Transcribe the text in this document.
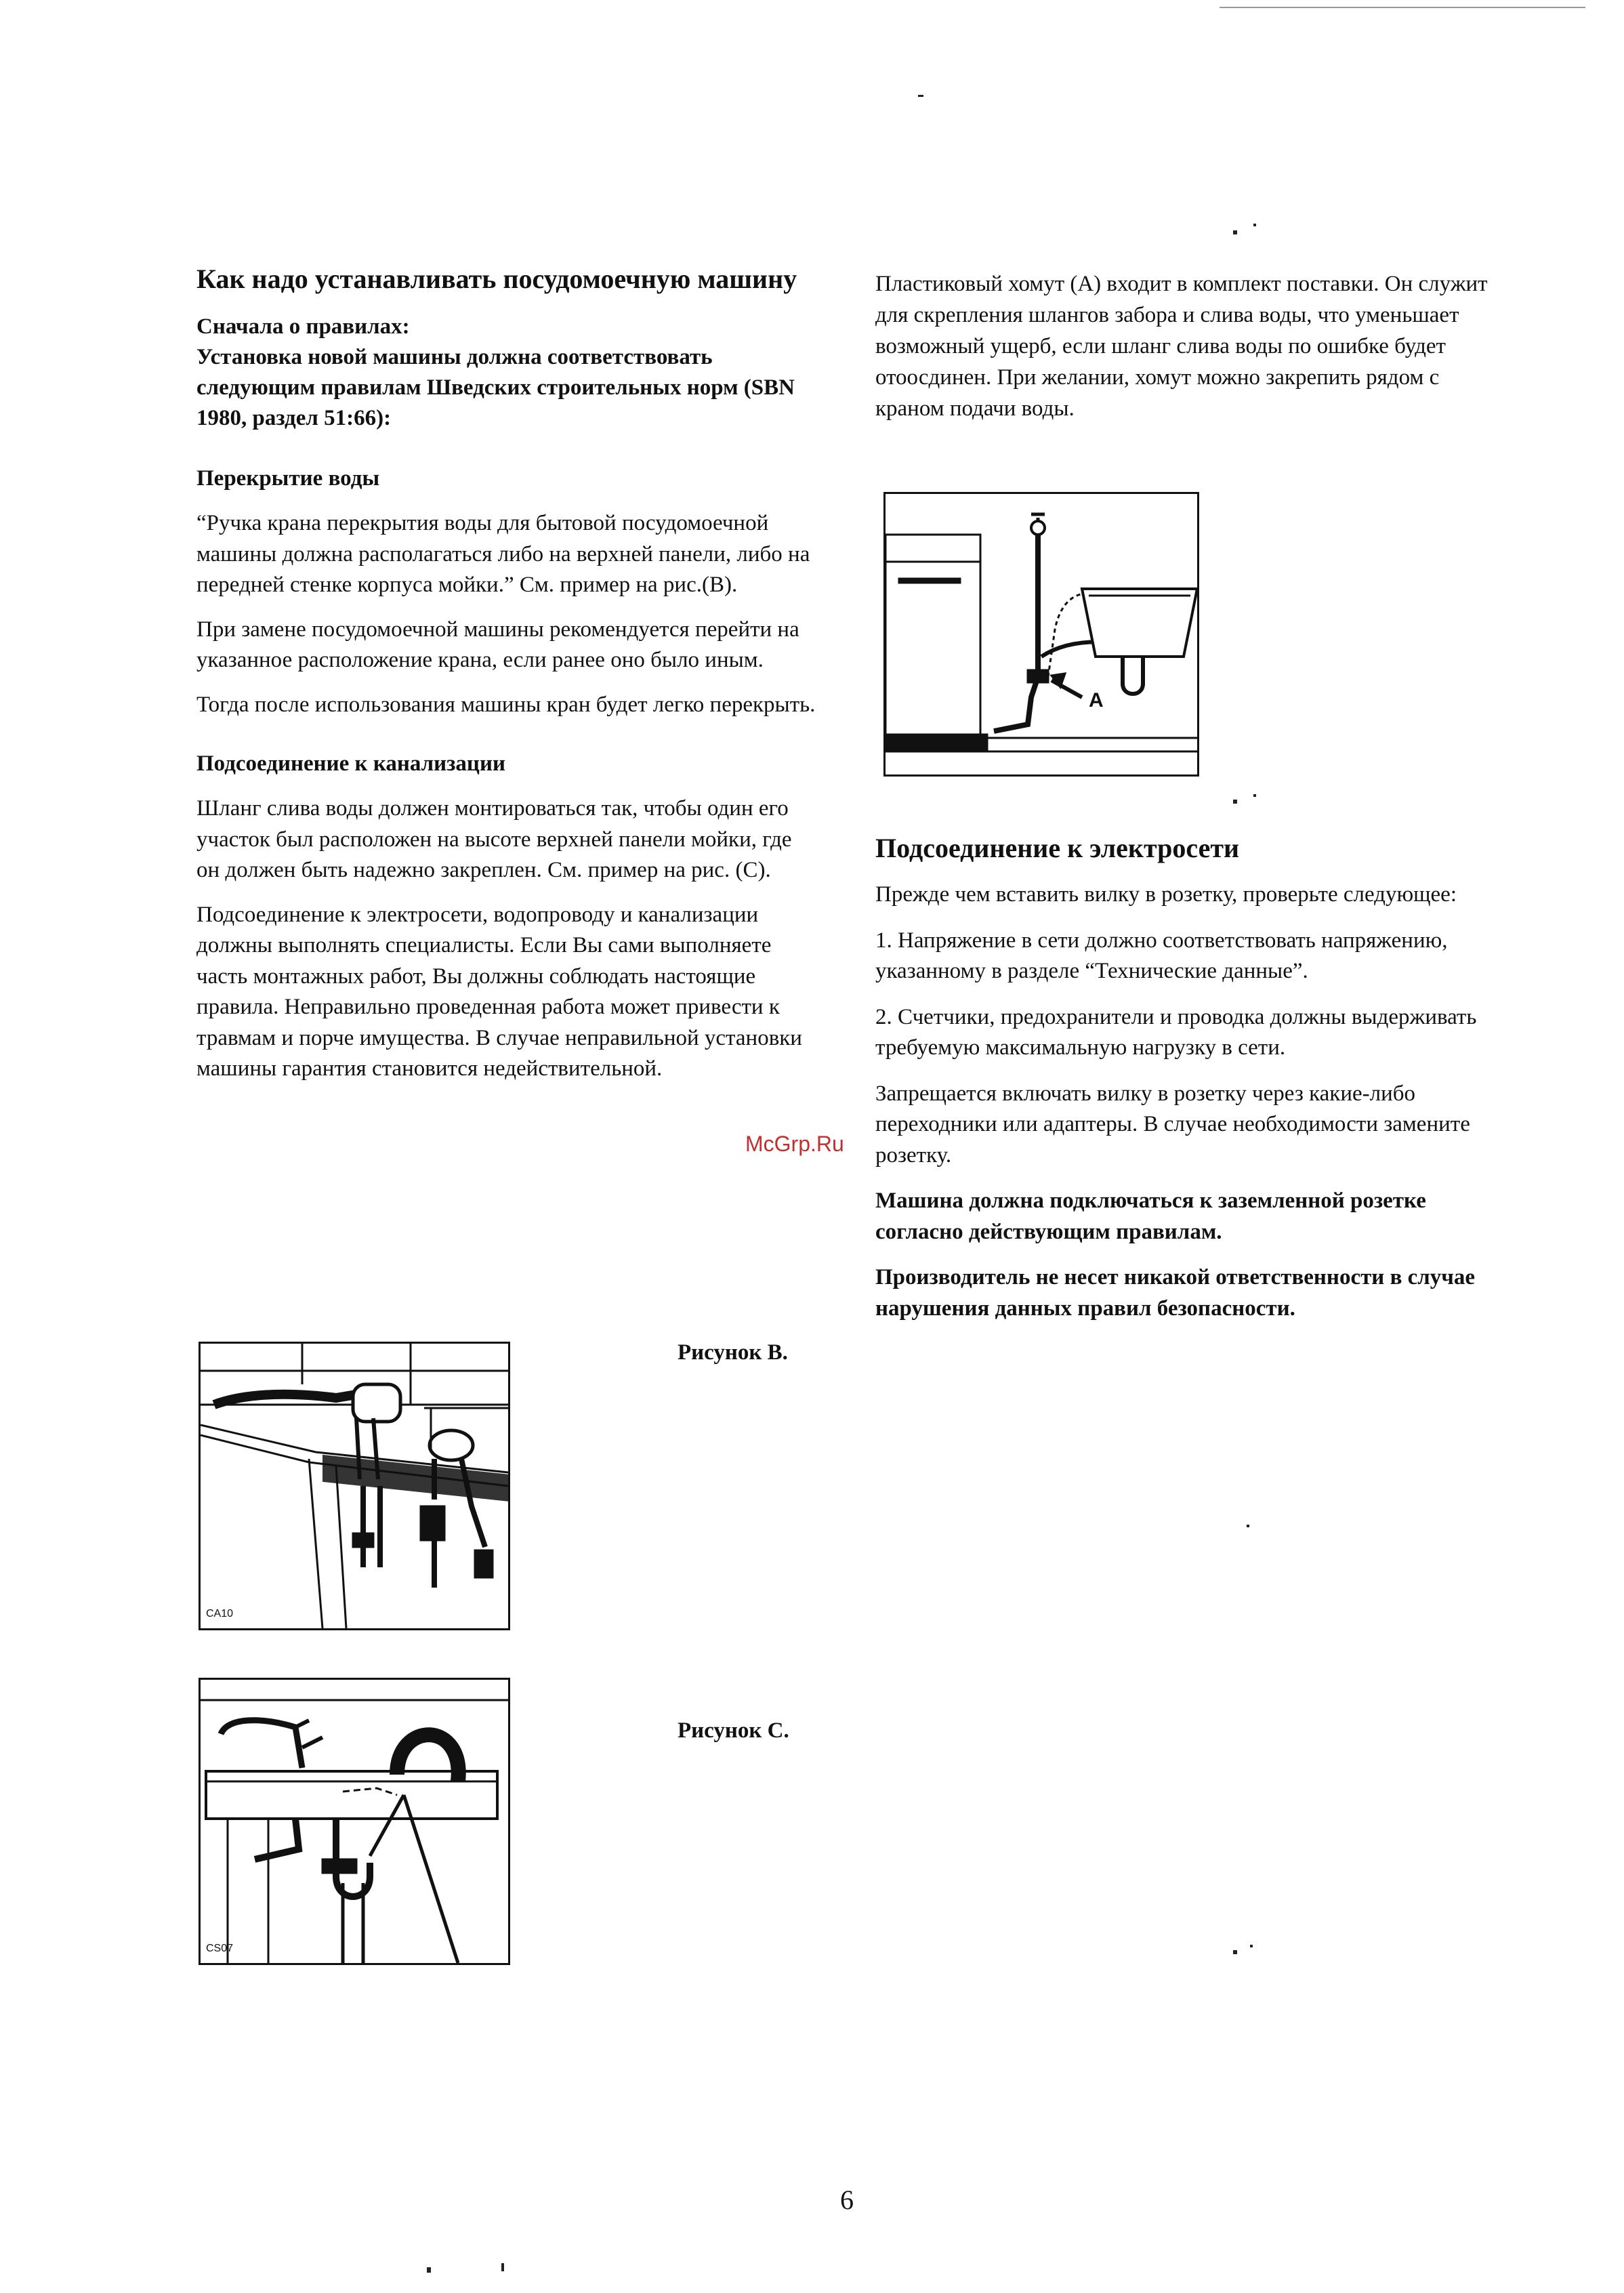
Как надо устанавливать посудомоечную машину
Сначала о правилах:
Установка новой машины должна соответствовать следующим правилам Шведских строительных норм (SBN 1980, раздел 51:66):
Перекрытие воды

“Ручка крана перекрытия воды для бытовой посудомоечной машины должна располагаться либо на верхней панели, либо на передней стенке корпуса мойки.” См. пример на рис.(B).

При замене посудомоечной машины рекомендуется перейти на указанное расположение крана, если ранее оно было иным.

Тогда после использования машины кран будет легко перекрыть.

Подсоединение к канализации

Шланг слива воды должен монтироваться так, чтобы один его участок был расположен на высоте верхней панели мойки, где он должен быть надежно закреплен. См. пример на рис. (С).

Подсоединение к электросети, водопроводу и канализации должны выполнять специалисты. Если Вы сами выполняете часть монтажных работ, Вы должны соблюдать настоящие правила. Неправильно проведенная работа может привести к травмам и порче имущества. В случае неправильной установки машины гарантия становится недействительной.

CA10
Рисунок B.
CS07
Рисунок С.

Пластиковый хомут (А) входит в комплект поставки. Он служит для скрепления шлангов забора и слива воды, что уменьшает возможный ущерб, если шланг слива воды по ошибке будет отоосдинен. При желании, хомут можно закрепить рядом с краном подачи воды.

A
Подсоединение к электросети

Прежде чем вставить вилку в розетку, проверьте следующее:

1. Напряжение в сети должно соответствовать напряжению, указанному в разделе “Технические данные”.

2. Счетчики, предохранители и проводка должны выдерживать требуемую максимальную нагрузку в сети.

Запрещается включать вилку в розетку через какие-либо переходники или адаптеры. В случае необходимости замените розетку.

Машина должна подключаться к заземленной розетке согласно действующим правилам.

Производитель не несет никакой ответственности в случае нарушения данных правил безопасности.

McGrp.Ru
6
